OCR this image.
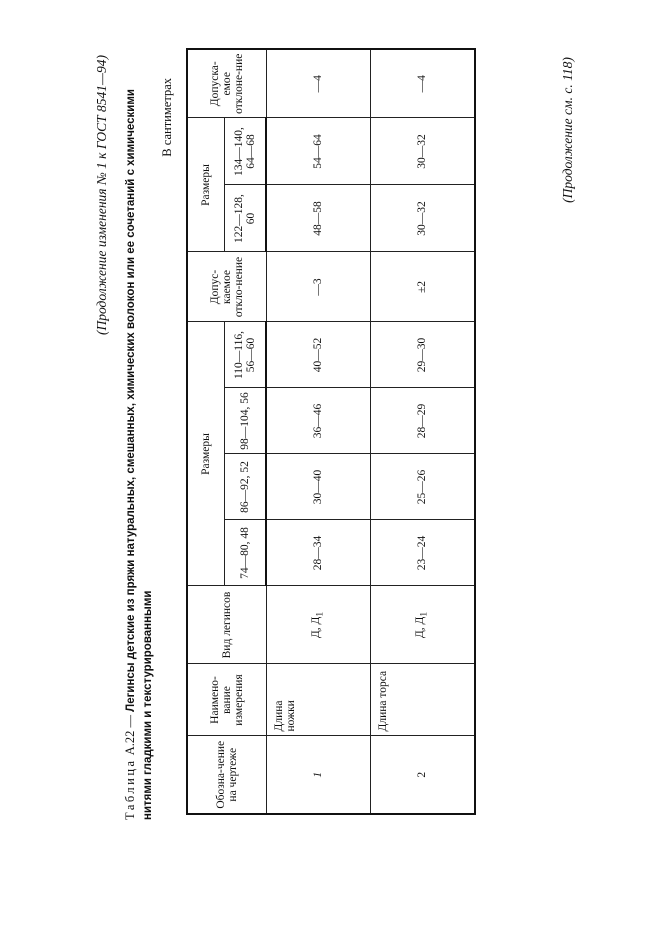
(Продолжение изменения № 1 к ГОСТ 8541—94)
Таблица А.22 — Легинсы детские из пряжи натуральных, смешанных, химических волокон или ее сочетаний с химическими нитями гладкими и текстурированными
В сантиметрах
Обозна-чение на чертеже	Наимено-вание измерения	Вид легинсов	Размеры				Допус-каемое откло-нение	Размеры		Допуска-емое отклоне-ние
			74—80, 48	86—92, 52	98—104, 56	110—116, 56—60		122—128, 60	134—140, 64—68	
1	Длина ножки	Д, $Д_1$	28—34	30—40	36—46	40—52	—3	48—58	54—64	—4
2	Длина торса	Д, $Д_1$	23—24	25—26	28—29	29—30	±2	30—32	30—32	—4	(Продолжение см. с. 118)
